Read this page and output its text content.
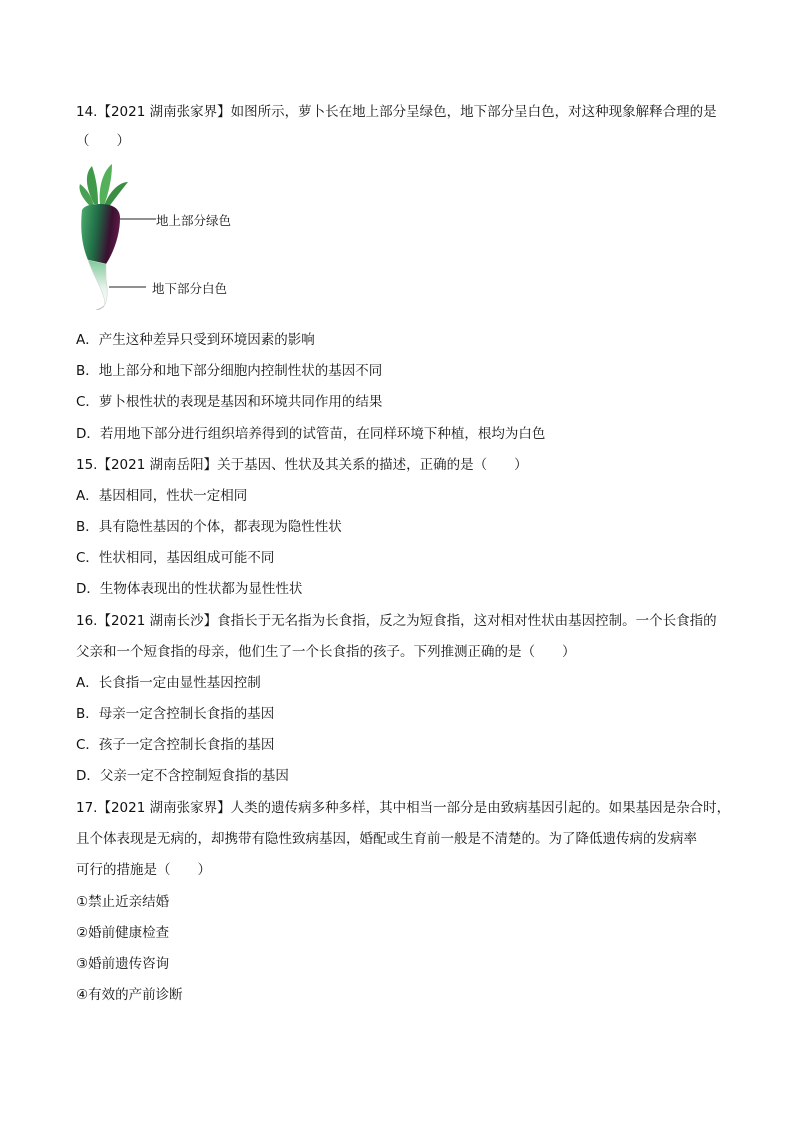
14.【2021 湖南张家界】如图所示，萝卜长在地上部分呈绿色，地下部分呈白色，对这种现象解释合理的是
（　　）
地上部分绿色
地下部分白色
A．产生这种差异只受到环境因素的影响
B．地上部分和地下部分细胞内控制性状的基因不同
C．萝卜根性状的表现是基因和环境共同作用的结果
D．若用地下部分进行组织培养得到的试管苗，在同样环境下种植，根均为白色
15.【2021 湖南岳阳】关于基因、性状及其关系的描述，正确的是（　　）
A．基因相同，性状一定相同
B．具有隐性基因的个体，都表现为隐性性状
C．性状相同，基因组成可能不同
D．生物体表现出的性状都为显性性状
16.【2021 湖南长沙】食指长于无名指为长食指，反之为短食指，这对相对性状由基因控制。一个长食指的
父亲和一个短食指的母亲，他们生了一个长食指的孩子。下列推测正确的是（　　）
A．长食指一定由显性基因控制
B．母亲一定含控制长食指的基因
C．孩子一定含控制长食指的基因
D．父亲一定不含控制短食指的基因
17.【2021 湖南张家界】人类的遗传病多种多样，其中相当一部分是由致病基因引起的。如果基因是杂合时，
且个体表现是无病的，却携带有隐性致病基因，婚配或生育前一般是不清楚的。为了降低遗传病的发病率
可行的措施是（　　）
①禁止近亲结婚
②婚前健康检查
③婚前遗传咨询
④有效的产前诊断
